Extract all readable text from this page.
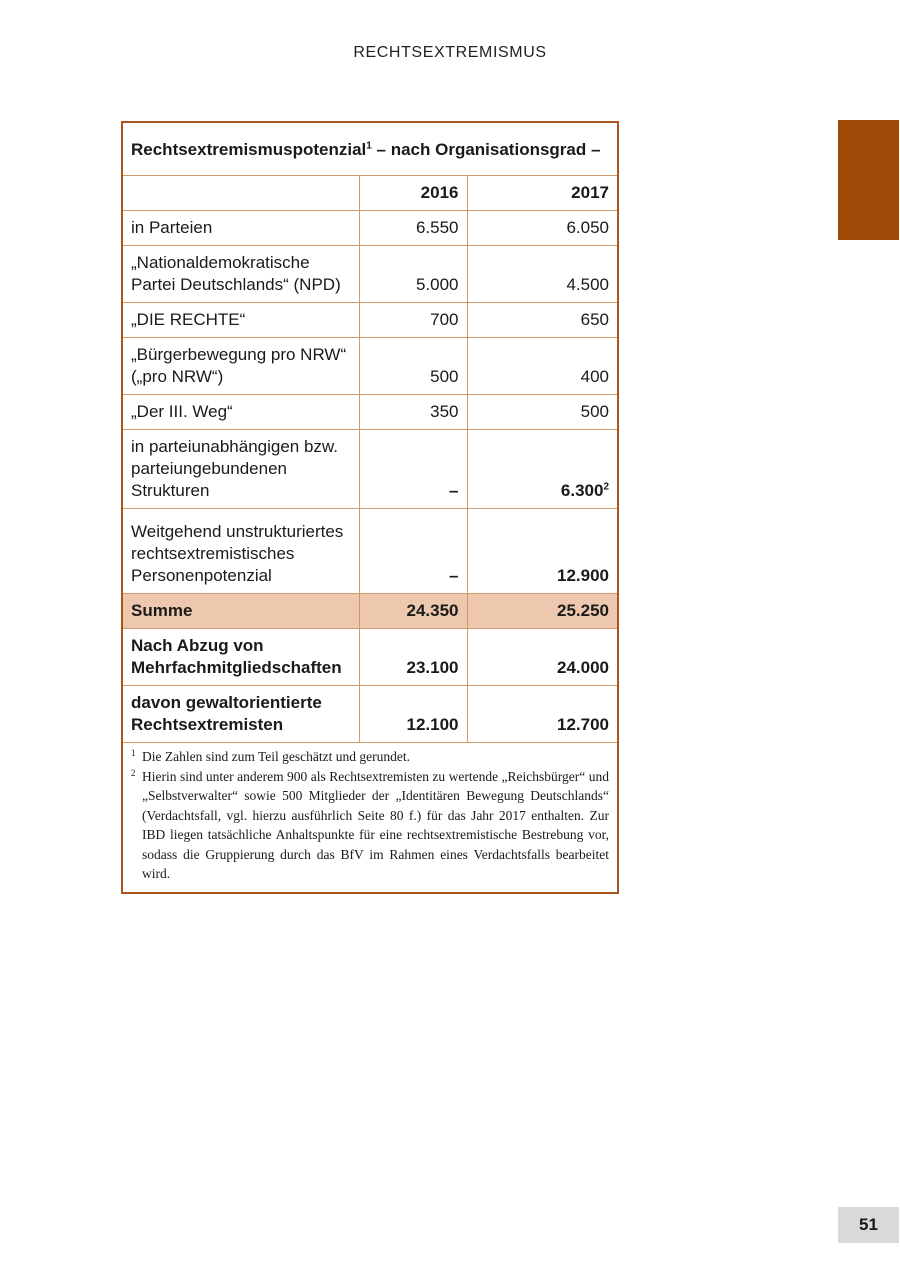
RECHTSEXTREMISMUS
Rechtsextremismuspotenzial$^1$ – nach Organisationsgrad –		
	2016	2017
in Parteien	6.550	6.050
„Nationaldemokratische Partei Deutschlands“ (NPD)	5.000	4.500
„DIE RECHTE“	700	650
„Bürgerbewegung pro NRW“ („pro NRW“)	500	400
„Der III. Weg“	350	500
in parteiunabhängigen bzw. parteiungebundenen Strukturen	–	6.300$^2$
Weitgehend unstrukturiertes rechtsextremistisches Personenpotenzial	–	12.900
Summe	24.350	25.250
Nach Abzug von Mehrfachmitgliedschaften	23.100	24.000
davon gewaltorientierte Rechtsextremisten	12.100	12.700
1 Die Zahlen sind zum Teil geschätzt und gerundet.
2 Hierin sind unter anderem 900 als Rechtsextremisten zu wertende „Reichsbürger“ und „Selbstverwalter“ sowie 500 Mitglieder der „Identitären Bewegung Deutschlands“ (Verdachtsfall, vgl. hierzu ausführlich Seite 80 f.) für das Jahr 2017 enthalten. Zur IBD liegen tatsächliche Anhaltspunkte für eine rechtsextremistische Bestrebung vor, sodass die Gruppierung durch das BfV im Rahmen eines Verdachtsfalls bearbeitet wird.
51
